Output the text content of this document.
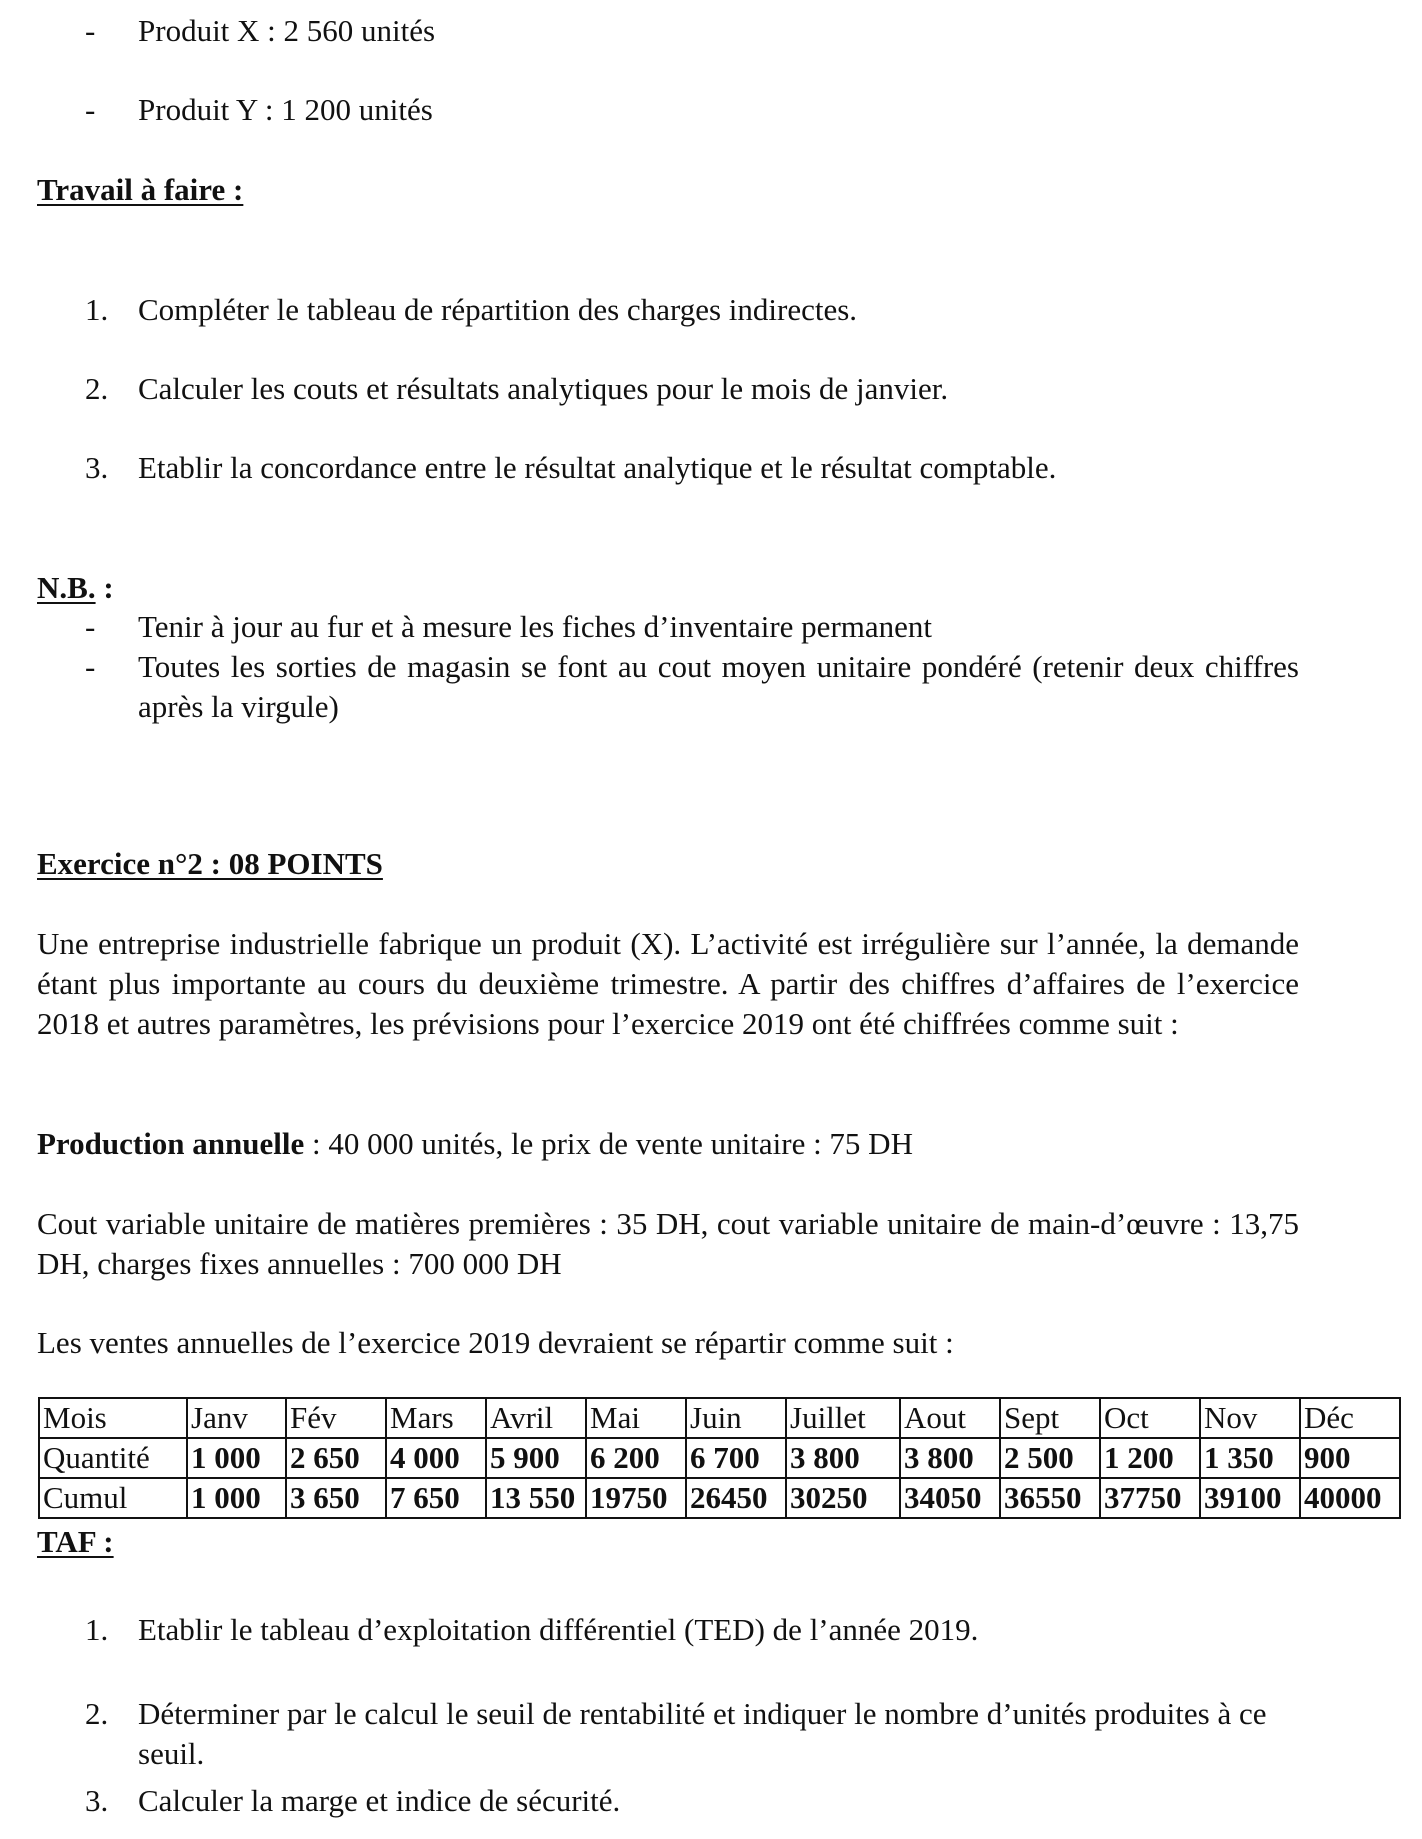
- Produit X : 2 560 unités
- Produit Y : 1 200 unités
Travail à faire :
1. Compléter le tableau de répartition des charges indirectes.
2. Calculer les couts et résultats analytiques pour le mois de janvier.
3. Etablir la concordance entre le résultat analytique et le résultat comptable.
N.B. :
- Tenir à jour au fur et à mesure les fiches d’inventaire permanent
- Toutes les sorties de magasin se font au cout moyen unitaire pondéré (retenir deux chiffres après la virgule)
Exercice n°2 : 08 POINTS
Une entreprise industrielle fabrique un produit (X). L’activité est irrégulière sur l’année, la demande étant plus importante au cours du deuxième trimestre. A partir des chiffres d’affaires de l’exercice 2018 et autres paramètres, les prévisions pour l’exercice 2019 ont été chiffrées comme suit :
Production annuelle : 40 000 unités, le prix de vente unitaire : 75 DH
Cout variable unitaire de matières premières : 35 DH, cout variable unitaire de main-d’œuvre : 13,75 DH, charges fixes annuelles : 700 000 DH
Les ventes annuelles de l’exercice 2019 devraient se répartir comme suit :
Mois	Janv	Fév	Mars	Avril	Mai	Juin	Juillet	Aout	Sept	Oct	Nov	Déc
Quantité	1 000	2 650	4 000	5 900	6 200	6 700	3 800	3 800	2 500	1 200	1 350	900
Cumul	1 000	3 650	7 650	13 550	19750	26450	30250	34050	36550	37750	39100	40000
TAF :
1. Etablir le tableau d’exploitation différentiel (TED) de l’année 2019.
2. Déterminer par le calcul le seuil de rentabilité et indiquer le nombre d’unités produites à ce seuil.
3. Calculer la marge et indice de sécurité.
